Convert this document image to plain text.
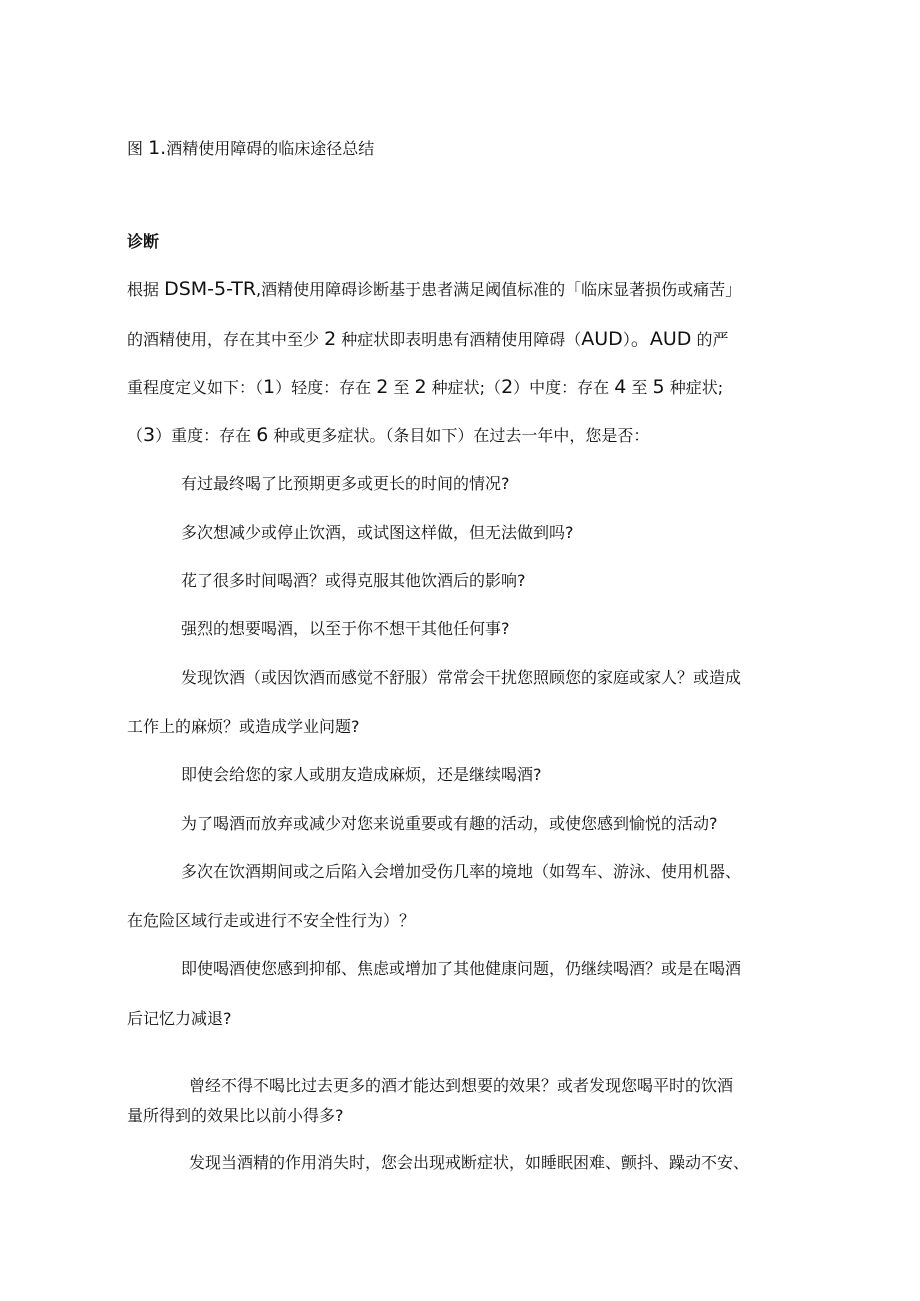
图 1.酒精使用障碍的临床途径总结

诊断

根据 DSM-5-TR,酒精使用障碍诊断基于患者满足阈值标准的「临床显著损伤或痛苦」

的酒精使用，存在其中至少 2 种症状即表明患有酒精使用障碍（AUD）。AUD 的严

重程度定义如下：（1）轻度：存在 2 至 2 种症状;（2）中度：存在 4 至 5 种症状;

（3）重度：存在 6 种或更多症状。（条目如下）在过去一年中，您是否：

有过最终喝了比预期更多或更长的时间的情况?

多次想减少或停止饮酒，或试图这样做，但无法做到吗?

花了很多时间喝酒？或得克服其他饮酒后的影响?

强烈的想要喝酒，以至于你不想干其他任何事?

发现饮酒（或因饮酒而感觉不舒服）常常会干扰您照顾您的家庭或家人？或造成

工作上的麻烦？或造成学业问题?

即使会给您的家人或朋友造成麻烦，还是继续喝酒?

为了喝酒而放弃或减少对您来说重要或有趣的活动，或使您感到愉悦的活动?

多次在饮酒期间或之后陷入会增加受伤几率的境地（如驾车、游泳、使用机器、

在危险区域行走或进行不安全性行为）？

即使喝酒使您感到抑郁、焦虑或增加了其他健康问题，仍继续喝酒？或是在喝酒

后记忆力减退?

曾经不得不喝比过去更多的酒才能达到想要的效果？或者发现您喝平时的饮酒

量所得到的效果比以前小得多?

发现当酒精的作用消失时，您会出现戒断症状，如睡眠困难、颤抖、躁动不安、
